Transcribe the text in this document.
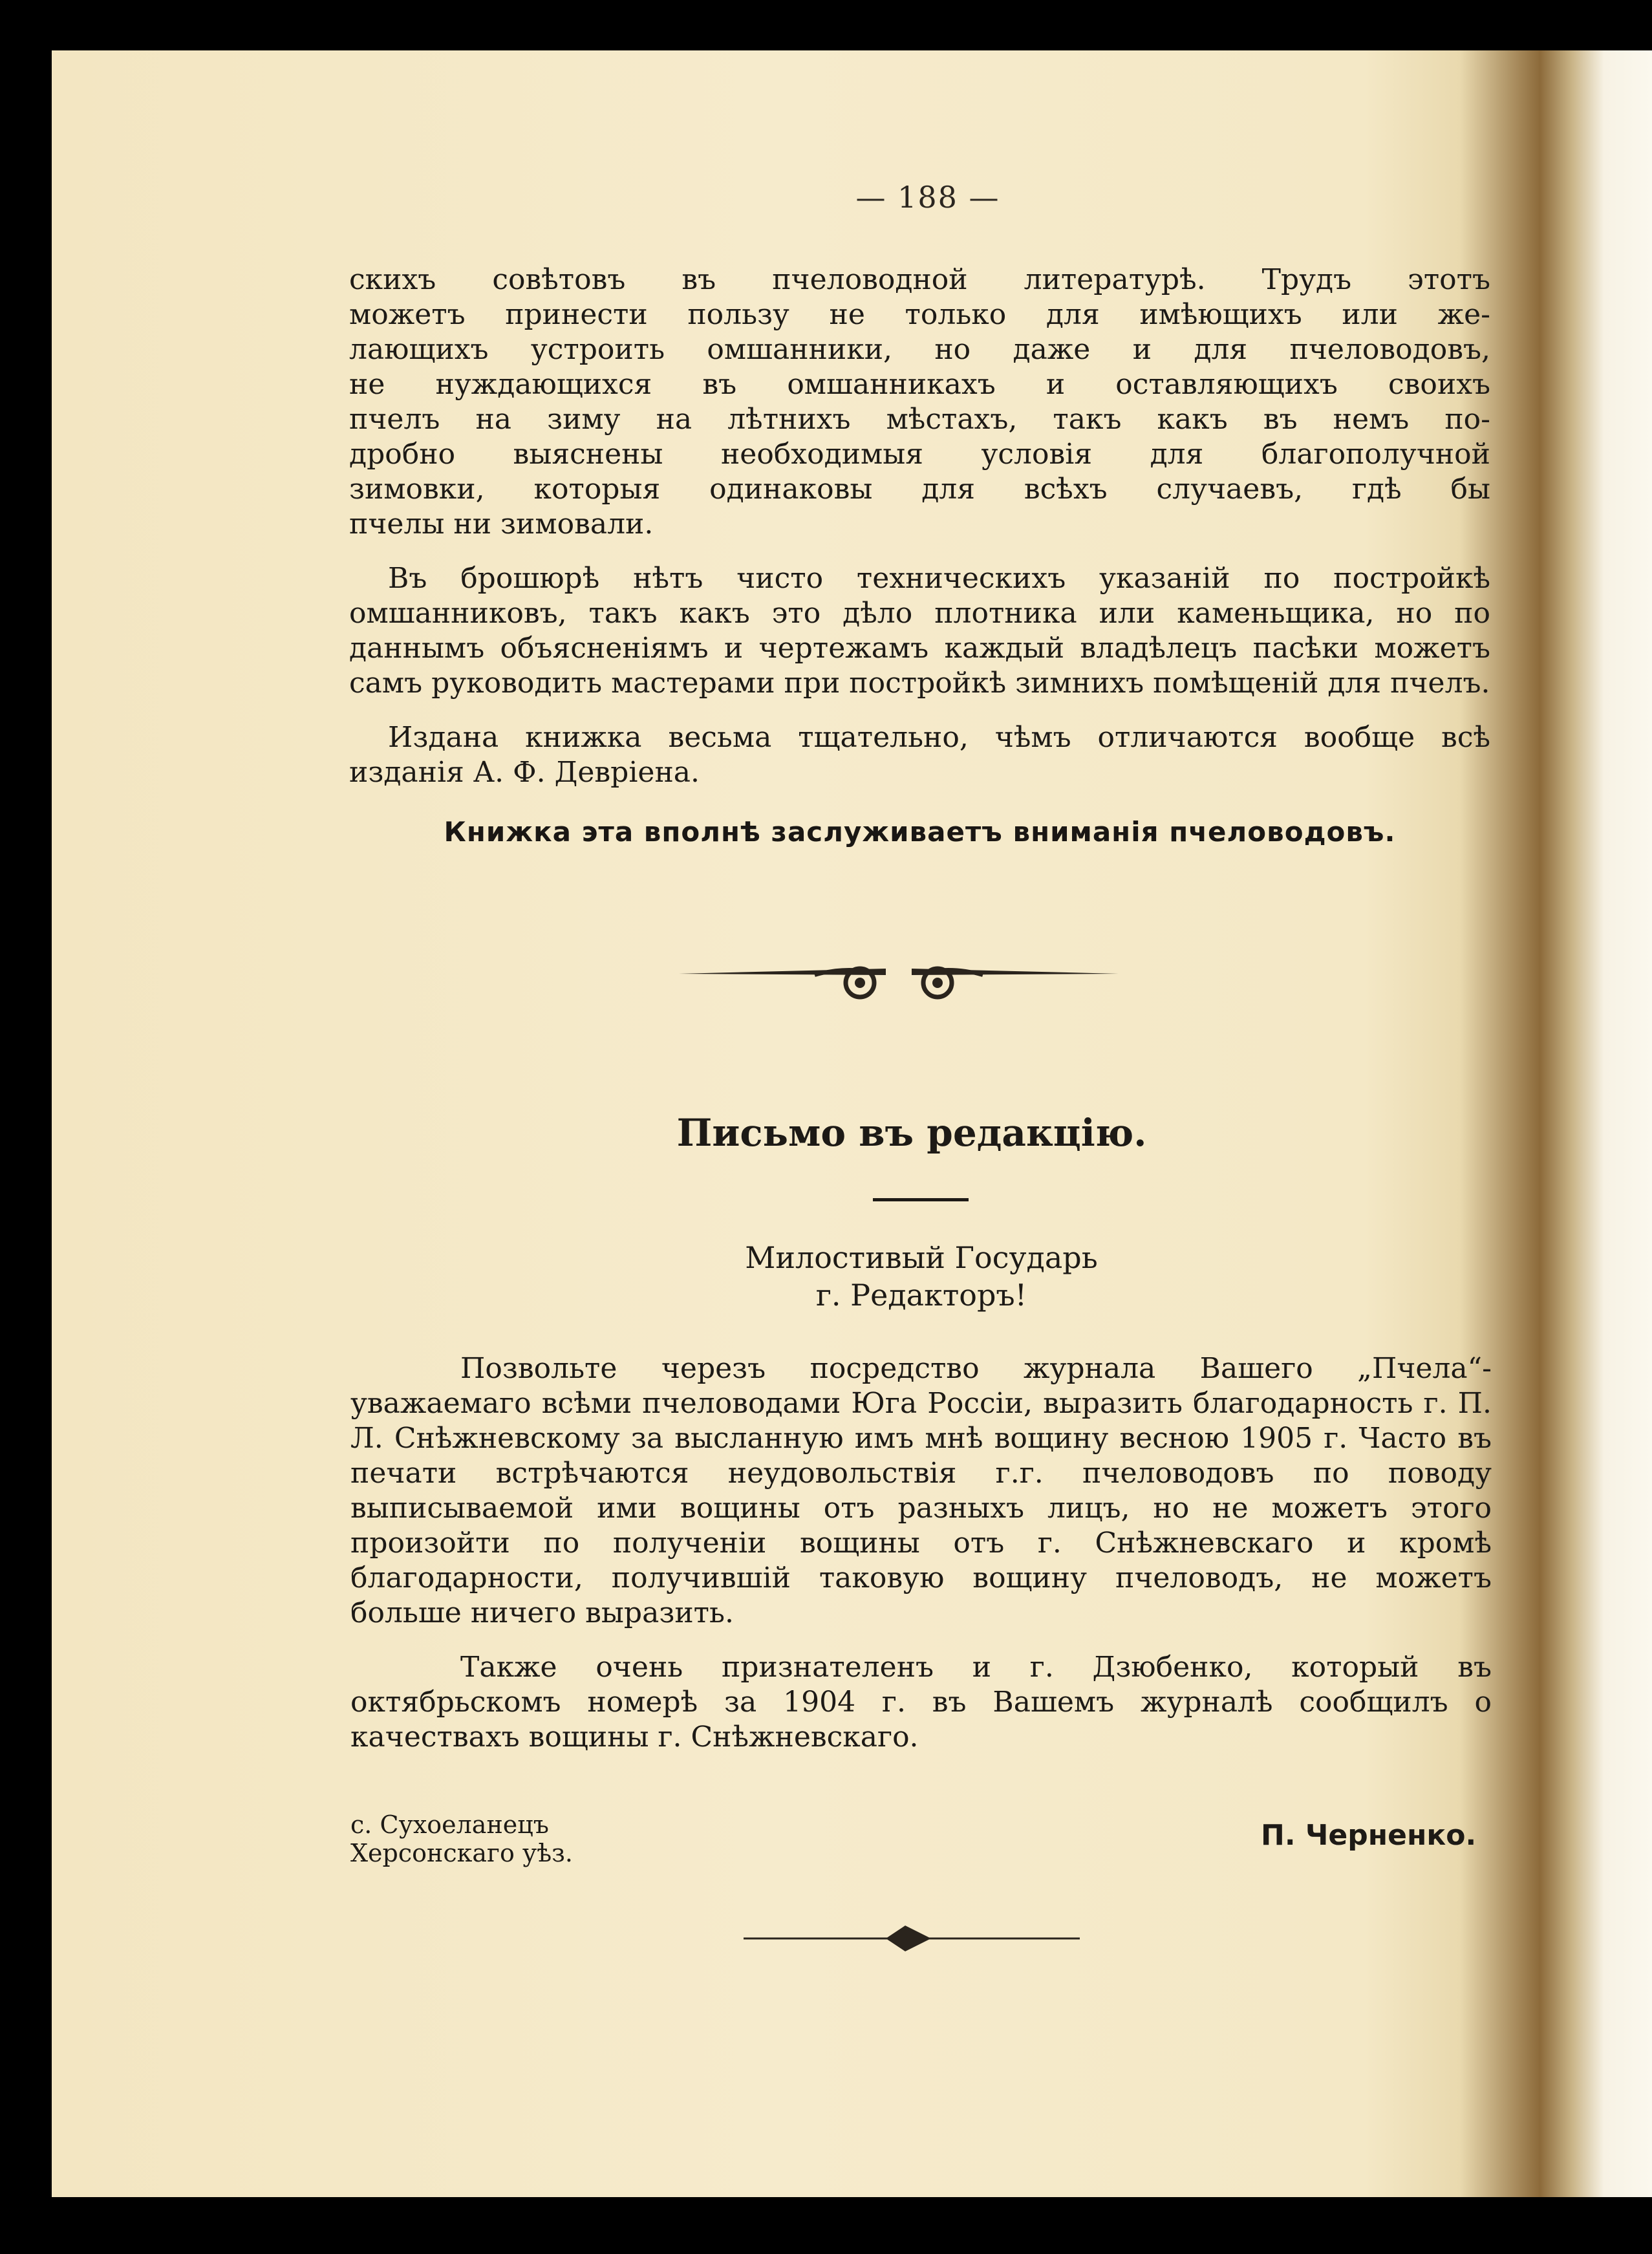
— 188 —

скихъ совѣтовъ въ пчеловодной литературѣ. Трудъ этотъ

можетъ принести пользу не только для имѣющихъ или же-

лающихъ устроить омшанники, но даже и для пчеловодовъ,

не нуждающихся въ омшанникахъ и оставляющихъ своихъ

пчелъ на зиму на лѣтнихъ мѣстахъ, такъ какъ въ немъ по-

дробно выяснены необходимыя условія для благополучной

зимовки, которыя одинаковы для всѣхъ случаевъ, гдѣ бы

пчелы ни зимовали.

Въ брошюрѣ нѣтъ чисто техническихъ указаній по постройкѣ омшанниковъ, такъ какъ это дѣло плотника или каменьщика, но по даннымъ объясненіямъ и чертежамъ каждый владѣлецъ пасѣки можетъ самъ руководить мастерами при постройкѣ зимнихъ помѣщеній для пчелъ.

Издана книжка весьма тщательно, чѣмъ отличаются вообще всѣ изданія А. Ф. Девріена.

Книжка эта вполнѣ заслуживаетъ вниманія пчеловодовъ.
Письмо въ редакцію.
Милостивый Государь
г. Редакторъ!

Позвольте черезъ посредство журнала Вашего „Пчела“- уважаемаго всѣми пчеловодами Юга Россіи, выразить благодарность г. П. Л. Снѣжневскому за высланную имъ мнѣ вощину весною 1905 г. Часто въ печати встрѣчаются неудовольствія г.г. пчеловодовъ по поводу выписываемой ими вощины отъ разныхъ лицъ, но не можетъ этого произойти по полученіи вощины отъ г. Снѣжневскаго и кромѣ благодарности, получившій таковую вощину пчеловодъ, не можетъ больше ничего выразить.

Также очень признателенъ и г. Дзюбенко, который въ октябрьскомъ номерѣ за 1904 г. въ Вашемъ журналѣ сообщилъ о качествахъ вощины г. Снѣжневскаго.

с. Сухоеланецъ
Херсонскаго уѣз.
П. Черненко.
